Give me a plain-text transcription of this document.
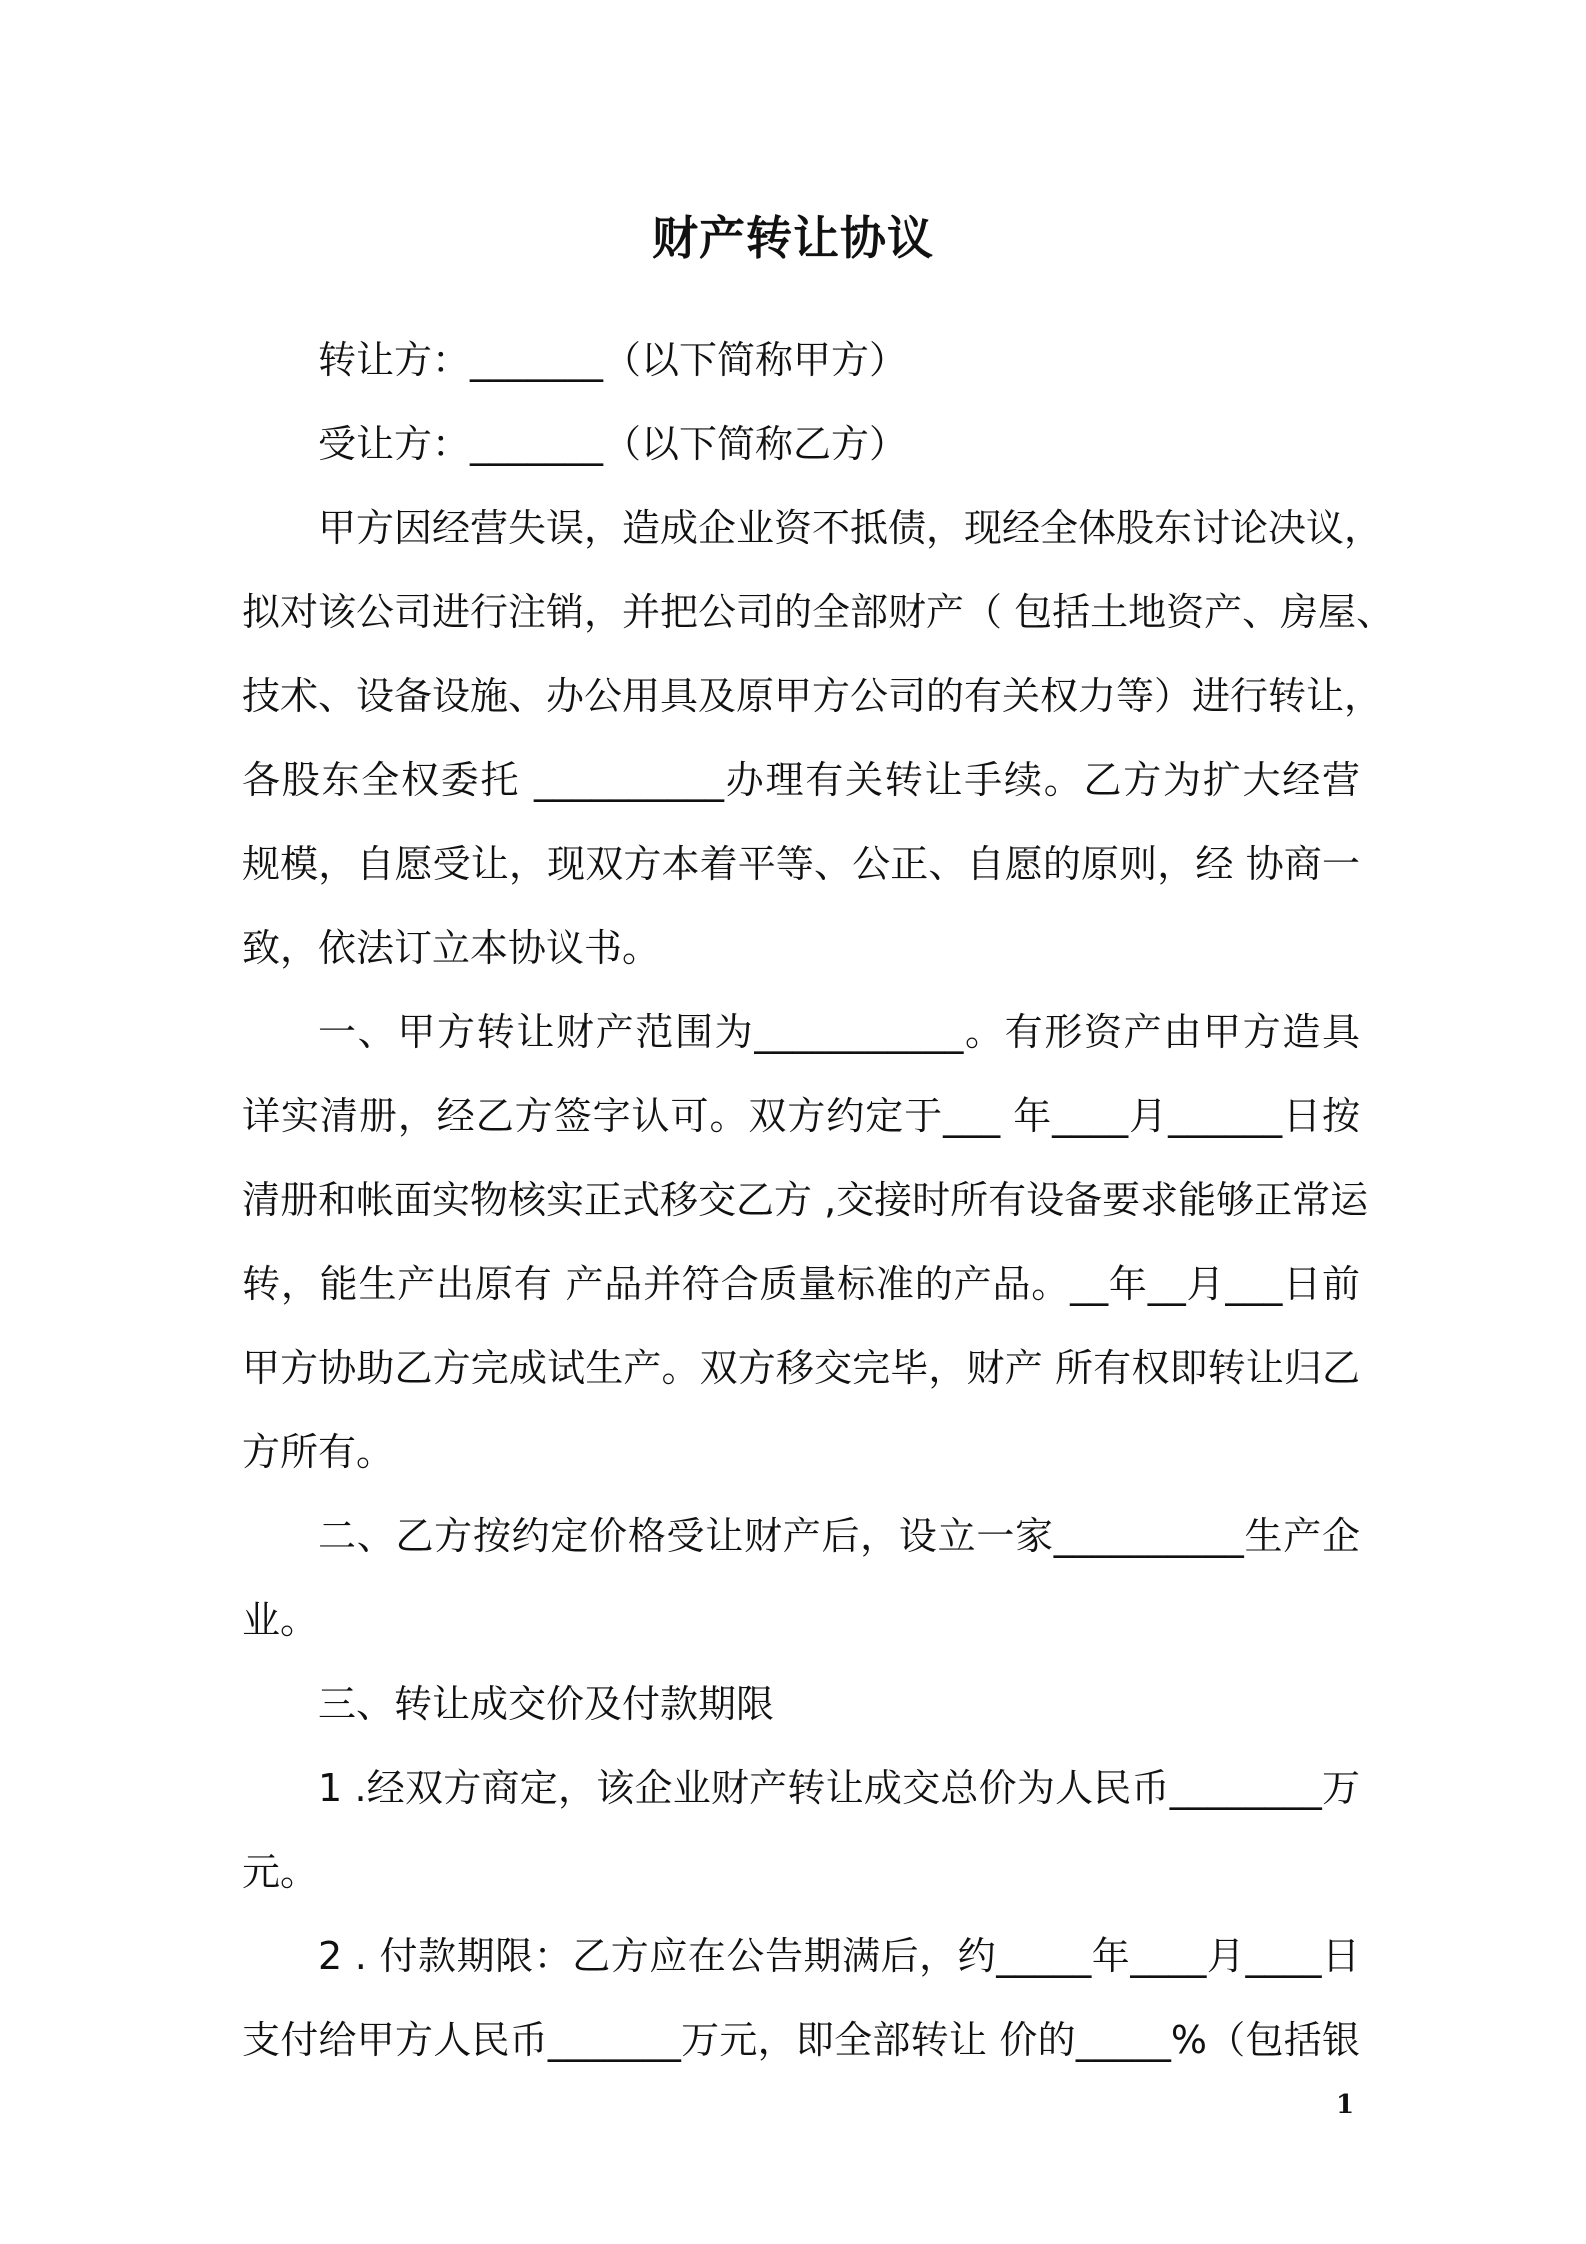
财产转让协议
转让方：_______（以下简称甲方）
受让方：_______（以下简称乙方）
甲方因经营失误，造成企业资不抵债，现经全体股东讨论决议，
拟对该公司进行注销，并把公司的全部财产（ 包括土地资产、房屋、
技术、设备设施、办公用具及原甲方公司的有关权力等）进行转让，
各股东全权委托 __________办理有关转让手续。乙方为扩大经营
规模，自愿受让，现双方本着平等、公正、自愿的原则，经 协商一
致，依法订立本协议书。
一、甲方转让财产范围为___________。有形资产由甲方造具
详实清册，经乙方签字认可。双方约定于___ 年____月______日按
清册和帐面实物核实正式移交乙方 ,交接时所有设备要求能够正常运
转，能生产出原有 产品并符合质量标准的产品。__年__月___日前
甲方协助乙方完成试生产。双方移交完毕，财产 所有权即转让归乙
方所有。
二、乙方按约定价格受让财产后，设立一家__________生产企
业。
三、转让成交价及付款期限
1 .经双方商定，该企业财产转让成交总价为人民币________万
元。
2 . 付款期限：乙方应在公告期满后，约_____年____月____日
支付给甲方人民币_______万元，即全部转让 价的_____%（包括银
1
